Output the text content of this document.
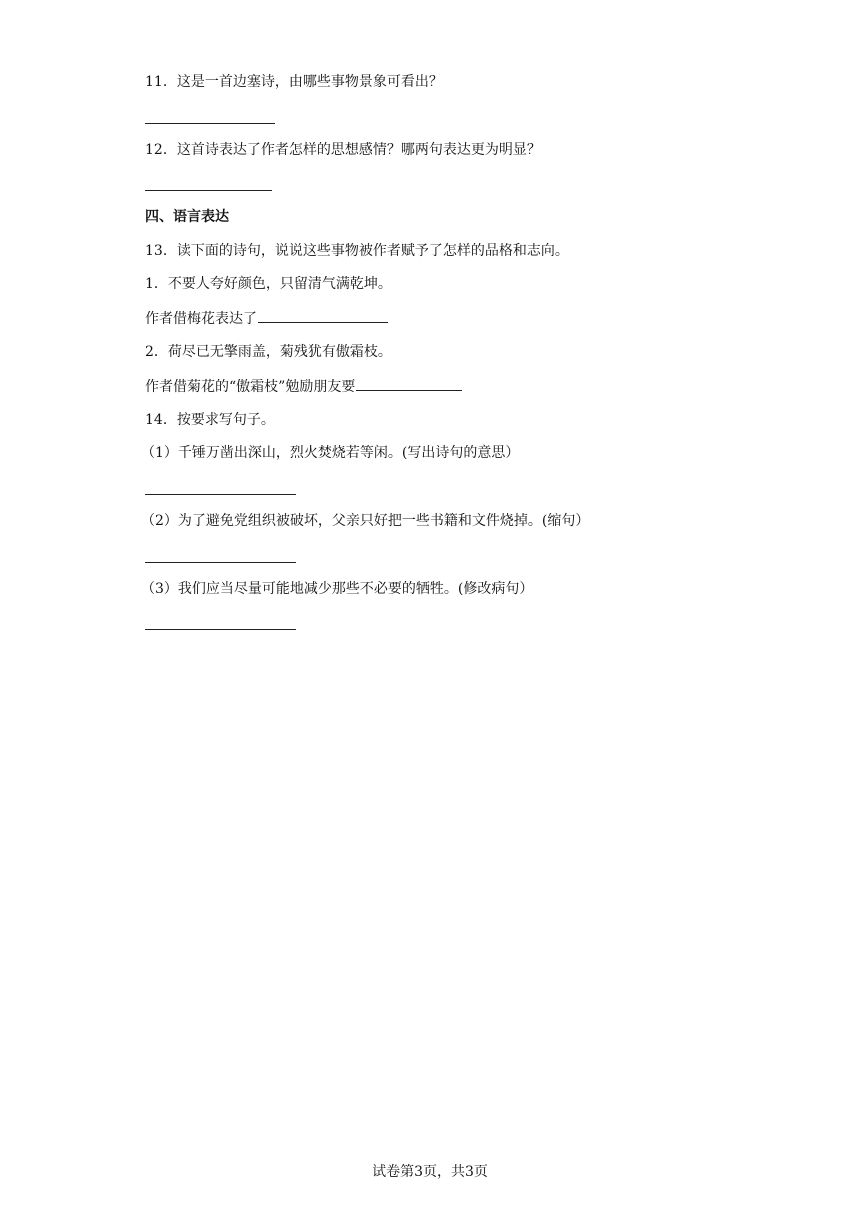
11．这是一首边塞诗，由哪些事物景象可看出？
12．这首诗表达了作者怎样的思想感情？哪两句表达更为明显？
四、语言表达
13．读下面的诗句，说说这些事物被作者赋予了怎样的品格和志向。
1．不要人夸好颜色，只留清气满乾坤。
作者借梅花表达了
2．荷尽已无擎雨盖，菊残犹有傲霜枝。
作者借菊花的“傲霜枝”勉励朋友要
14．按要求写句子。
（1）千锤万凿出深山，烈火焚烧若等闲。(写出诗句的意思）
（2）为了避免党组织被破坏，父亲只好把一些书籍和文件烧掉。(缩句）
（3）我们应当尽量可能地减少那些不必要的牺牲。(修改病句）
试卷第3页，共3页
